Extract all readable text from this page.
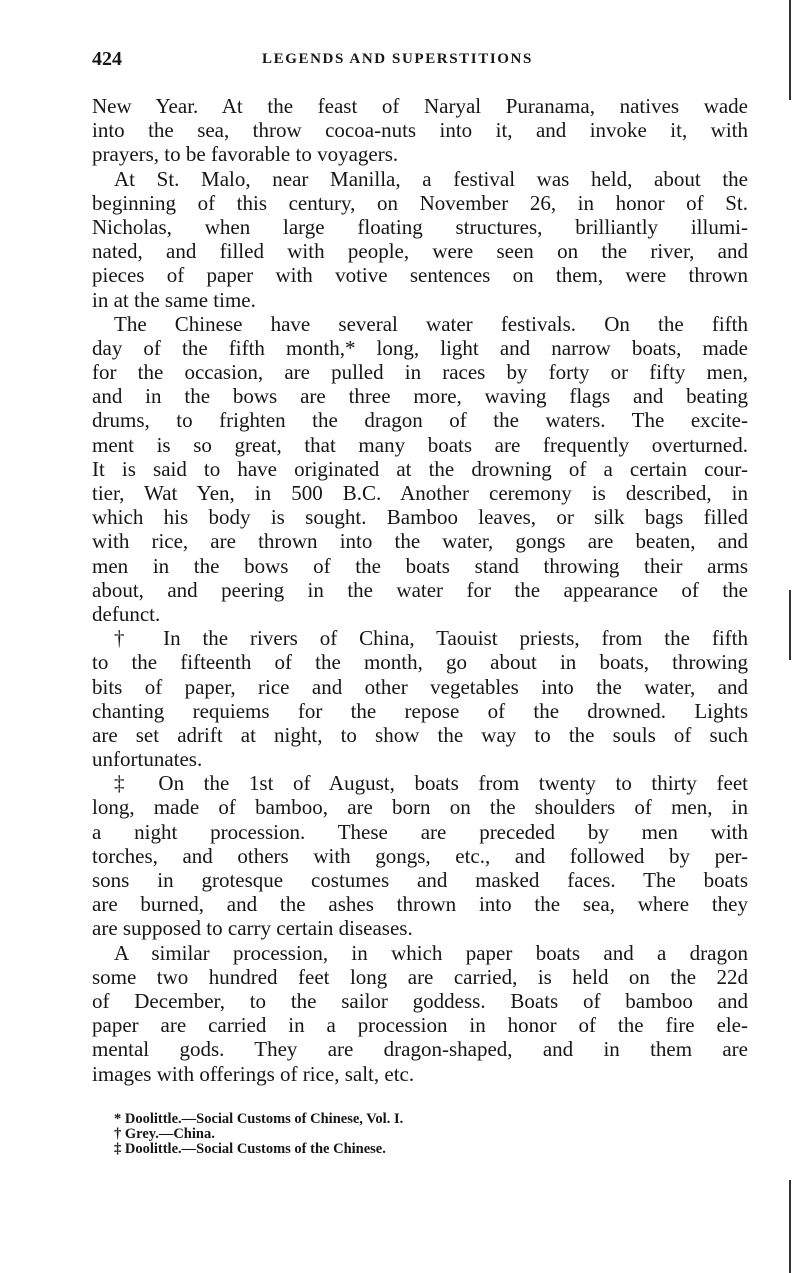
424	LEGENDS AND SUPERSTITIONS
New Year. At the feast of Naryal Puranama, natives wade
into the sea, throw cocoa-nuts into it, and invoke it, with
prayers, to be favorable to voyagers.
At St. Malo, near Manilla, a festival was held, about the
beginning of this century, on November 26, in honor of St.
Nicholas, when large floating structures, brilliantly illumi-
nated, and filled with people, were seen on the river, and
pieces of paper with votive sentences on them, were thrown
in at the same time.
The Chinese have several water festivals. On the fifth
day of the fifth month,* long, light and narrow boats, made
for the occasion, are pulled in races by forty or fifty men,
and in the bows are three more, waving flags and beating
drums, to frighten the dragon of the waters. The excite-
ment is so great, that many boats are frequently overturned.
It is said to have originated at the drowning of a certain cour-
tier, Wat Yen, in 500 B.C. Another ceremony is described, in
which his body is sought. Bamboo leaves, or silk bags filled
with rice, are thrown into the water, gongs are beaten, and
men in the bows of the boats stand throwing their arms
about, and peering in the water for the appearance of the
defunct.
† In the rivers of China, Taouist priests, from the fifth
to the fifteenth of the month, go about in boats, throwing
bits of paper, rice and other vegetables into the water, and
chanting requiems for the repose of the drowned. Lights
are set adrift at night, to show the way to the souls of such
unfortunates.
‡ On the 1st of August, boats from twenty to thirty feet
long, made of bamboo, are born on the shoulders of men, in
a night procession. These are preceded by men with
torches, and others with gongs, etc., and followed by per-
sons in grotesque costumes and masked faces. The boats
are burned, and the ashes thrown into the sea, where they
are supposed to carry certain diseases.
A similar procession, in which paper boats and a dragon
some two hundred feet long are carried, is held on the 22d
of December, to the sailor goddess. Boats of bamboo and
paper are carried in a procession in honor of the fire ele-
mental gods. They are dragon-shaped, and in them are
images with offerings of rice, salt, etc.
* Doolittle.—Social Customs of Chinese, Vol. I.
† Grey.—China.
‡ Doolittle.—Social Customs of the Chinese.
